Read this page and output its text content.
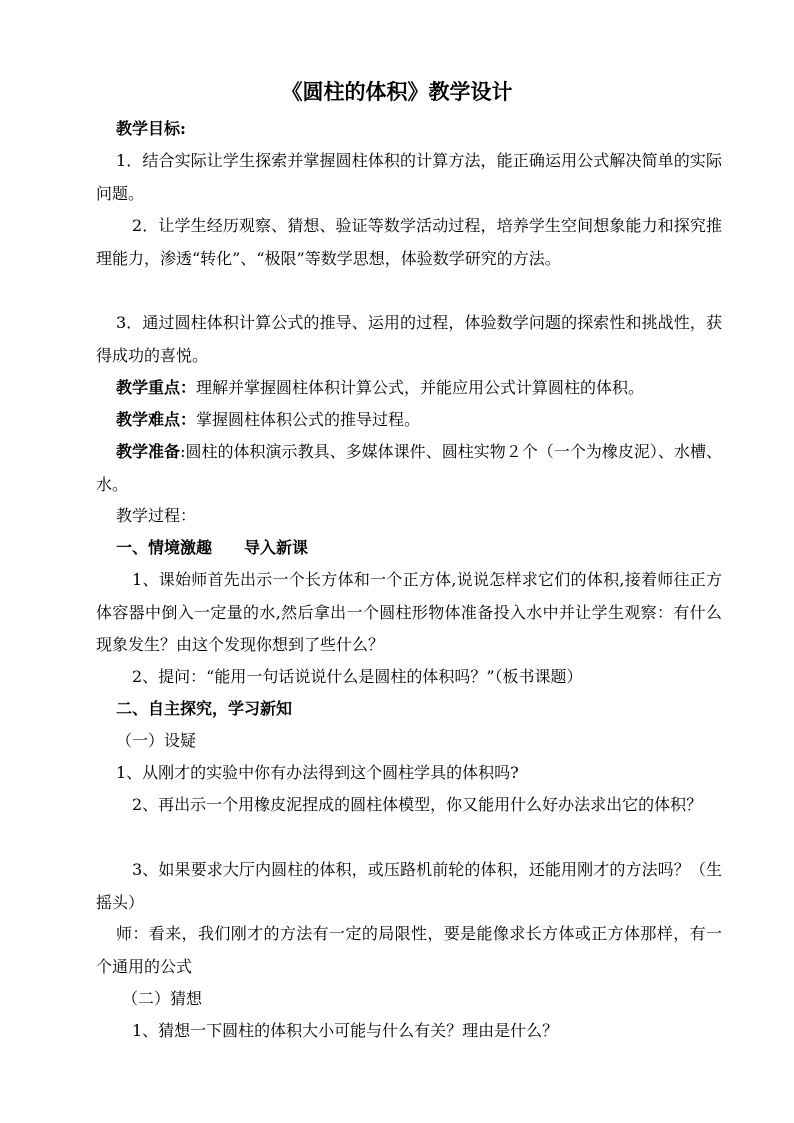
《圆柱的体积》教学设计

教学目标:

1．结合实际让学生探索并掌握圆柱体积的计算方法，能正确运用公式解决简单的实际问题。

2．让学生经历观察、猜想、验证等数学活动过程，培养学生空间想象能力和探究推理能力，渗透“转化”、“极限”等数学思想，体验数学研究的方法。

3．通过圆柱体积计算公式的推导、运用的过程，体验数学问题的探索性和挑战性，获得成功的喜悦。

教学重点：理解并掌握圆柱体积计算公式，并能应用公式计算圆柱的体积。

教学难点：掌握圆柱体积公式的推导过程。

教学准备:圆柱的体积演示教具、多媒体课件、圆柱实物２个（一个为橡皮泥）、水槽、水。

教学过程：

一、情境激趣　　导入新课

1、课始师首先出示一个长方体和一个正方体,说说怎样求它们的体积,接着师往正方体容器中倒入一定量的水,然后拿出一个圆柱形物体准备投入水中并让学生观察：有什么现象发生？由这个发现你想到了些什么？

2、提问：“能用一句话说说什么是圆柱的体积吗？”（板书课题）

二、自主探究，学习新知

（一）设疑

1、从刚才的实验中你有办法得到这个圆柱学具的体积吗?

2、再出示一个用橡皮泥捏成的圆柱体模型，你又能用什么好办法求出它的体积？

3、如果要求大厅内圆柱的体积，或压路机前轮的体积，还能用刚才的方法吗？（生摇头）

师：看来，我们刚才的方法有一定的局限性，要是能像求长方体或正方体那样，有一个通用的公式

（二）猜想

1、猜想一下圆柱的体积大小可能与什么有关？理由是什么？
